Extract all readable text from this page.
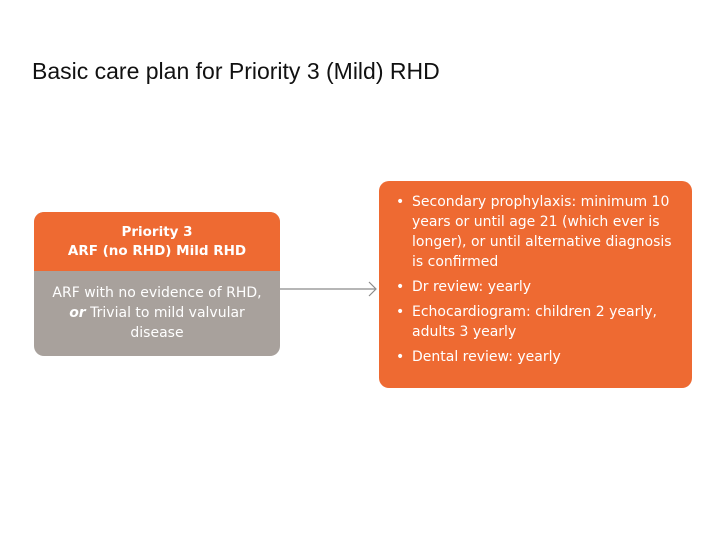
Basic care plan for Priority 3 (Mild) RHD
Priority 3
ARF (no RHD) Mild RHD
ARF with no evidence of RHD, or Trivial to mild valvular disease
• Secondary prophylaxis: minimum 10 years or until age 21 (which ever is longer), or until alternative diagnosis is confirmed
• Dr review: yearly
• Echocardiogram: children 2 yearly, adults 3 yearly
• Dental review: yearly
